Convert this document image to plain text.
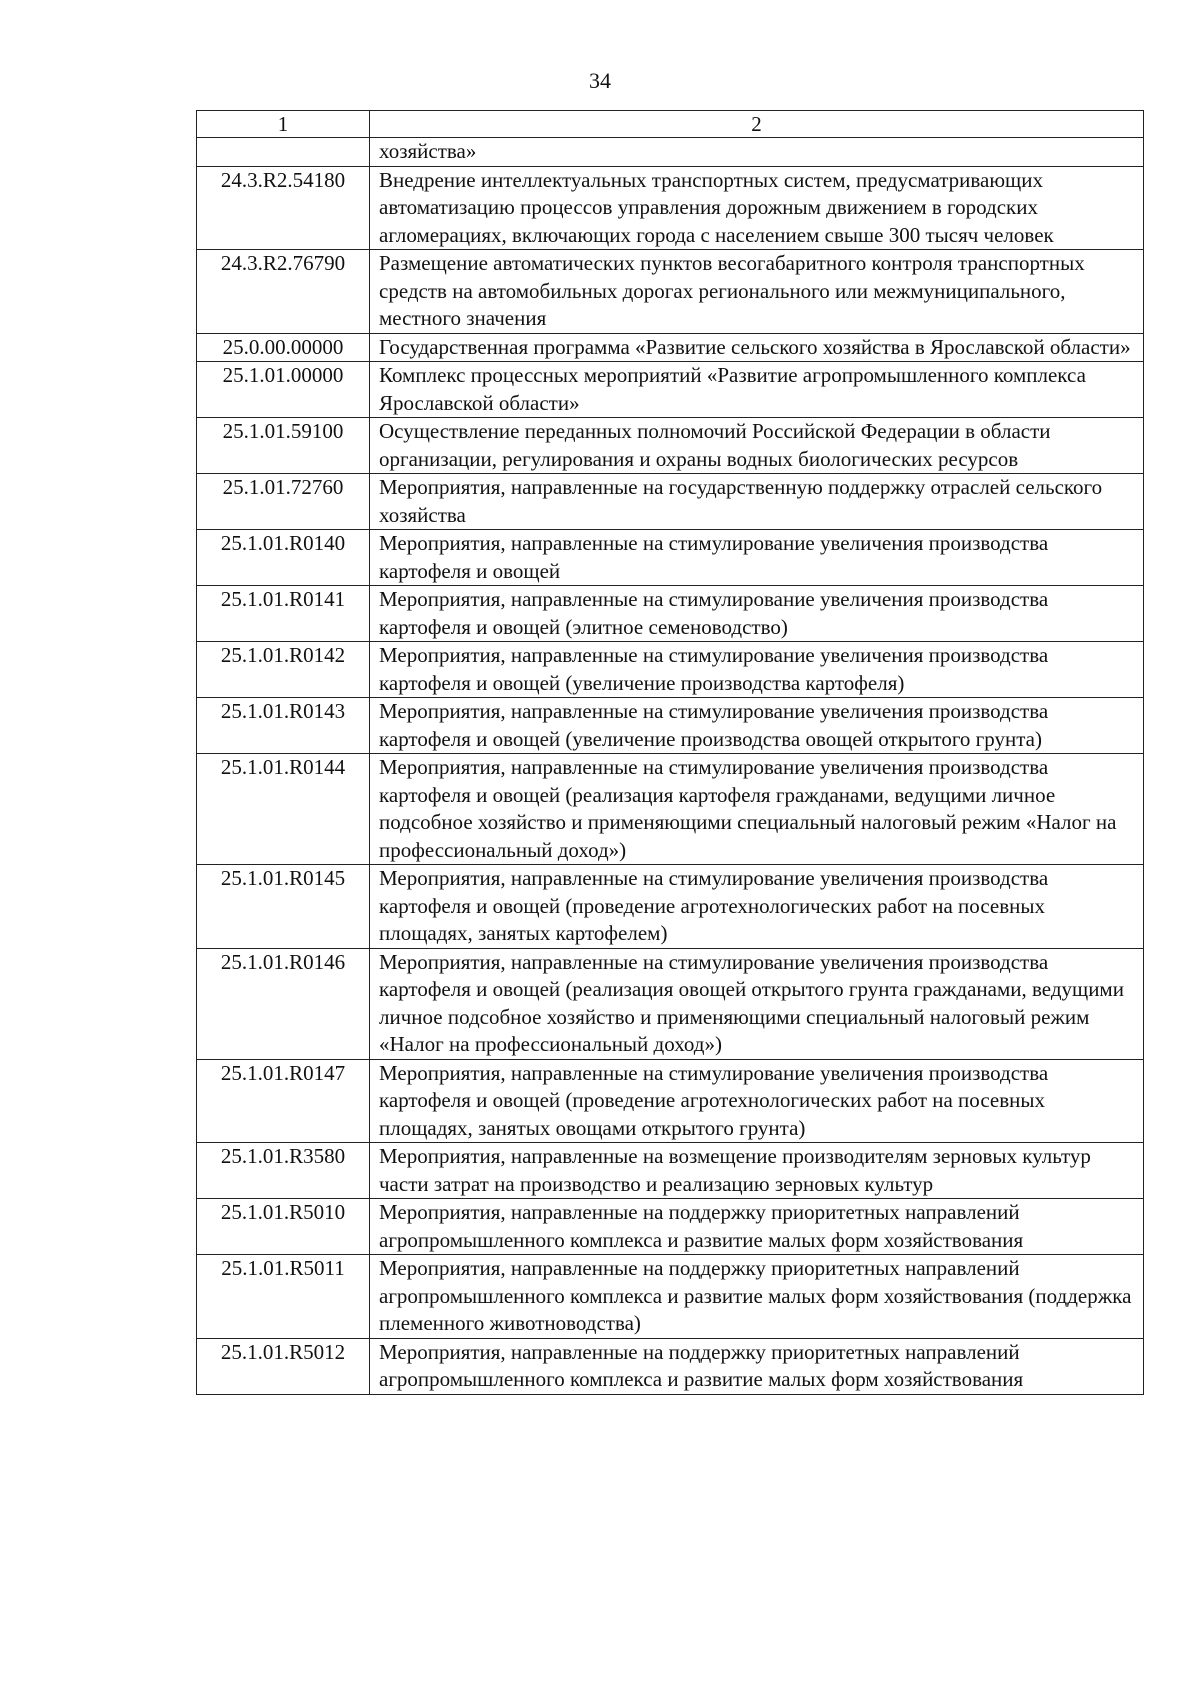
34
1	2
	хозяйства»
24.3.R2.54180	Внедрение интеллектуальных транспортных систем, предусматривающих автоматизацию процессов управления дорожным движением в городских агломерациях, включающих города с населением свыше 300 тысяч человек
24.3.R2.76790	Размещение автоматических пунктов весогабаритного контроля транспортных средств на автомобильных дорогах регионального или межмуниципального, местного значения
25.0.00.00000	Государственная программа «Развитие сельского хозяйства в Ярославской области»
25.1.01.00000	Комплекс процессных мероприятий «Развитие агропромышленного комплекса Ярославской области»
25.1.01.59100	Осуществление переданных полномочий Российской Федерации в области организации, регулирования и охраны водных биологических ресурсов
25.1.01.72760	Мероприятия, направленные на государственную поддержку отраслей сельского хозяйства
25.1.01.R0140	Мероприятия, направленные на стимулирование увеличения производства картофеля и овощей
25.1.01.R0141	Мероприятия, направленные на стимулирование увеличения производства картофеля и овощей (элитное семеноводство)
25.1.01.R0142	Мероприятия, направленные на стимулирование увеличения производства картофеля и овощей (увеличение производства картофеля)
25.1.01.R0143	Мероприятия, направленные на стимулирование увеличения производства картофеля и овощей (увеличение производства овощей открытого грунта)
25.1.01.R0144	Мероприятия, направленные на стимулирование увеличения производства картофеля и овощей (реализация картофеля гражданами, ведущими личное подсобное хозяйство и применяющими специальный налоговый режим «Налог на профессиональный доход»)
25.1.01.R0145	Мероприятия, направленные на стимулирование увеличения производства картофеля и овощей (проведение агротехнологических работ на посевных площадях, занятых картофелем)
25.1.01.R0146	Мероприятия, направленные на стимулирование увеличения производства картофеля и овощей (реализация овощей открытого грунта гражданами, ведущими личное подсобное хозяйство и применяющими специальный налоговый режим «Налог на профессиональный доход»)
25.1.01.R0147	Мероприятия, направленные на стимулирование увеличения производства картофеля и овощей (проведение агротехнологических работ на посевных площадях, занятых овощами открытого грунта)
25.1.01.R3580	Мероприятия, направленные на возмещение производителям зерновых культур части затрат на производство и реализацию зерновых культур
25.1.01.R5010	Мероприятия, направленные на поддержку приоритетных направлений агропромышленного комплекса и развитие малых форм хозяйствования
25.1.01.R5011	Мероприятия, направленные на поддержку приоритетных направлений агропромышленного комплекса и развитие малых форм хозяйствования (поддержка племенного животноводства)
25.1.01.R5012	Мероприятия, направленные на поддержку приоритетных направлений агропромышленного комплекса и развитие малых форм хозяйствования
